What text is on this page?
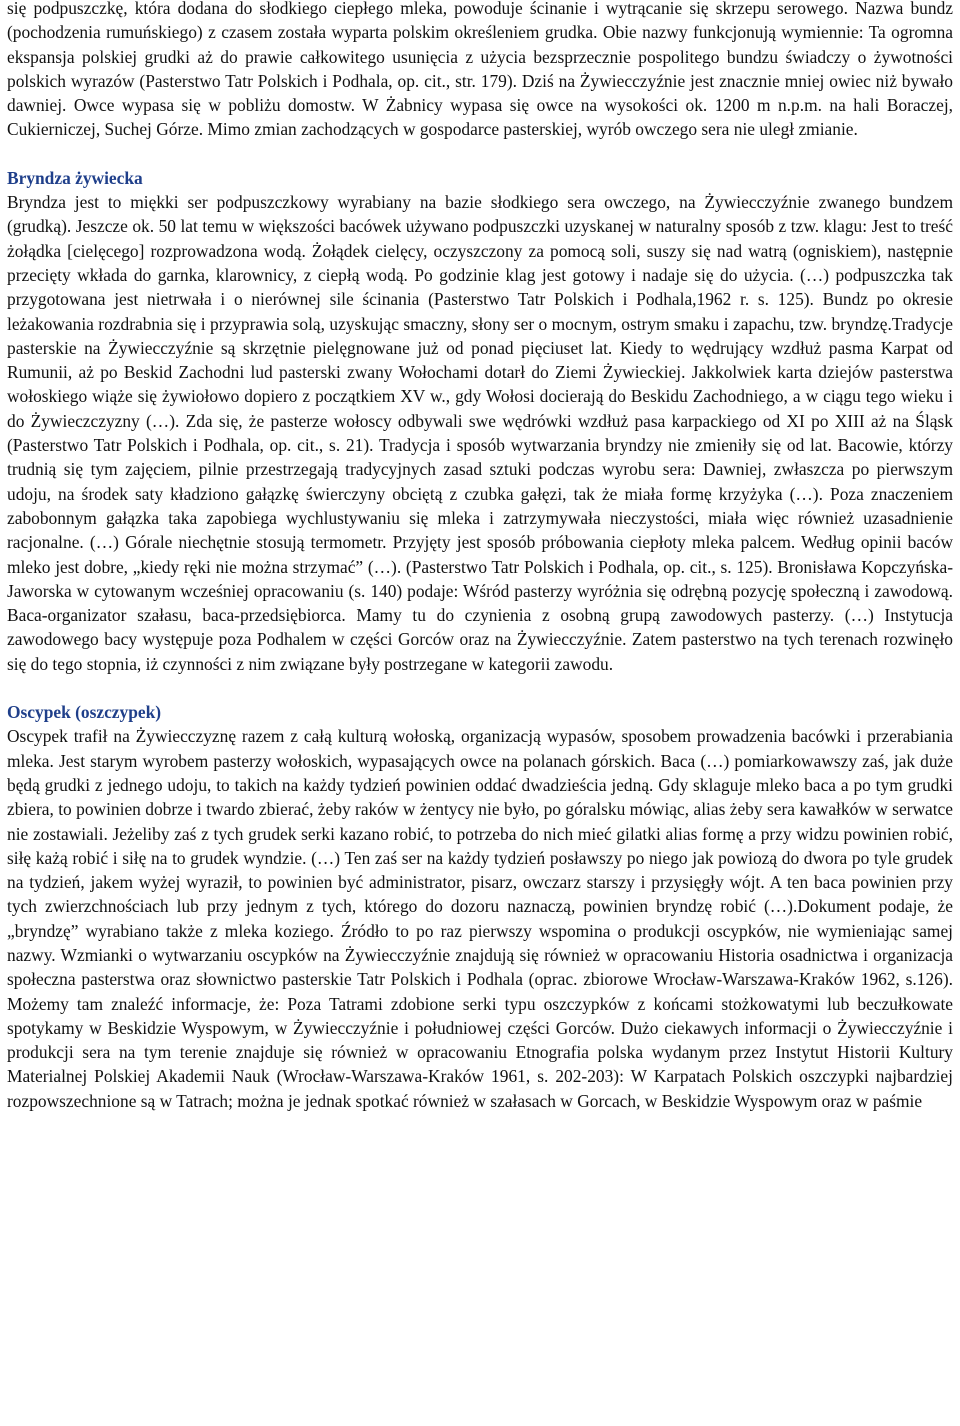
się podpuszczkę, która dodana do słodkiego ciepłego mleka, powoduje ścinanie i wytrącanie się skrzepu serowego. Nazwa bundz (pochodzenia rumuńskiego) z czasem została wyparta polskim określeniem grudka. Obie nazwy funkcjonują wymiennie: Ta ogromna ekspansja polskiej grudki aż do prawie całkowitego usunięcia z użycia bezsprzecznie pospolitego bundzu świadczy o żywotności polskich wyrazów (Pasterstwo Tatr Polskich i Podhala, op. cit., str. 179). Dziś na Żywiecczyźnie jest znacznie mniej owiec niż bywało dawniej. Owce wypasa się w pobliżu domostw. W Żabnicy wypasa się owce na wysokości ok. 1200 m n.p.m. na hali Boraczej, Cukierniczej, Suchej Górze. Mimo zmian zachodzących w gospodarce pasterskiej, wyrób owczego sera nie uległ zmianie.

Bryndza żywiecka

Bryndza jest to miękki ser podpuszczkowy wyrabiany na bazie słodkiego sera owczego, na Żywiecczyźnie zwanego bundzem (grudką). Jeszcze ok. 50 lat temu w większości bacówek używano podpuszczki uzyskanej w naturalny sposób z tzw. klagu: Jest to treść żołądka [cielęcego] rozprowadzona wodą. Żołądek cielęcy, oczyszczony za pomocą soli, suszy się nad watrą (ogniskiem), następnie przecięty wkłada do garnka, klarownicy, z ciepłą wodą. Po godzinie klag jest gotowy i nadaje się do użycia. (…) podpuszczka tak przygotowana jest nietrwała i o nierównej sile ścinania (Pasterstwo Tatr Polskich i Podhala,1962 r. s. 125). Bundz po okresie leżakowania rozdrabnia się i przyprawia solą, uzyskując smaczny, słony ser o mocnym, ostrym smaku i zapachu, tzw. bryndzę.Tradycje pasterskie na Żywiecczyźnie są skrzętnie pielęgnowane już od ponad pięciuset lat. Kiedy to wędrujący wzdłuż pasma Karpat od Rumunii, aż po Beskid Zachodni lud pasterski zwany Wołochami dotarł do Ziemi Żywieckiej. Jakkolwiek karta dziejów pasterstwa wołoskiego wiąże się żywiołowo dopiero z początkiem XV w., gdy Wołosi docierają do Beskidu Zachodniego, a w ciągu tego wieku i do Żywieczczyzny (…). Zda się, że pasterze wołoscy odbywali swe wędrówki wzdłuż pasa karpackiego od XI po XIII aż na Śląsk (Pasterstwo Tatr Polskich i Podhala, op. cit., s. 21). Tradycja i sposób wytwarzania bryndzy nie zmieniły się od lat. Bacowie, którzy trudnią się tym zajęciem, pilnie przestrzegają tradycyjnych zasad sztuki podczas wyrobu sera: Dawniej, zwłaszcza po pierwszym udoju, na środek saty kładziono gałązkę świerczyny obciętą z czubka gałęzi, tak że miała formę krzyżyka (…). Poza znaczeniem zabobonnym gałązka taka zapobiega wychlustywaniu się mleka i zatrzymywała nieczystości, miała więc również uzasadnienie racjonalne. (…) Górale niechętnie stosują termometr. Przyjęty jest sposób próbowania ciepłoty mleka palcem. Według opinii baców mleko jest dobre, „kiedy ręki nie można strzymać” (…). (Pasterstwo Tatr Polskich i Podhala, op. cit., s. 125). Bronisława Kopczyńska-Jaworska w cytowanym wcześniej opracowaniu (s. 140) podaje: Wśród pasterzy wyróżnia się odrębną pozycję społeczną i zawodową. Baca-organizator szałasu, baca-przedsiębiorca. Mamy tu do czynienia z osobną grupą zawodowych pasterzy. (…) Instytucja zawodowego bacy występuje poza Podhalem w części Gorców oraz na Żywiecczyźnie. Zatem pasterstwo na tych terenach rozwinęło się do tego stopnia, iż czynności z nim związane były postrzegane w kategorii zawodu.

Oscypek (oszczypek)

Oscypek trafił na Żywiecczyznę razem z całą kulturą wołoską, organizacją wypasów, sposobem prowadzenia bacówki i przerabiania mleka. Jest starym wyrobem pasterzy wołoskich, wypasających owce na polanach górskich. Baca (…) pomiarkowawszy zaś, jak duże będą grudki z jednego udoju, to takich na każdy tydzień powinien oddać dwadzieścia jedną. Gdy sklaguje mleko baca a po tym grudki zbiera, to powinien dobrze i twardo zbierać, żeby raków w żentycy nie było, po góralsku mówiąc, alias żeby sera kawałków w serwatce nie zostawiali. Jeżeliby zaś z tych grudek serki kazano robić, to potrzeba do nich mieć gilatki alias formę a przy widzu powinien robić, siłę każą robić i siłę na to grudek wyndzie. (…) Ten zaś ser na każdy tydzień posławszy po niego jak powiozą do dwora po tyle grudek na tydzień, jakem wyżej wyraził, to powinien być administrator, pisarz, owczarz starszy i przysięgły wójt. A ten baca powinien przy tych zwierzchnościach lub przy jednym z tych, którego do dozoru naznaczą, powinien bryndzę robić (…).Dokument podaje, że „bryndzę” wyrabiano także z mleka koziego. Źródło to po raz pierwszy wspomina o produkcji oscypków, nie wymieniając samej nazwy. Wzmianki o wytwarzaniu oscypków na Żywiecczyźnie znajdują się również w opracowaniu Historia osadnictwa i organizacja społeczna pasterstwa oraz słownictwo pasterskie Tatr Polskich i Podhala (oprac. zbiorowe Wrocław-Warszawa-Kraków 1962, s.126). Możemy tam znaleźć informacje, że: Poza Tatrami zdobione serki typu oszczypków z końcami stożkowatymi lub beczułkowate spotykamy w Beskidzie Wyspowym, w Żywiecczyźnie i południowej części Gorców. Dużo ciekawych informacji o Żywiecczyźnie i produkcji sera na tym terenie znajduje się również w opracowaniu Etnografia polska wydanym przez Instytut Historii Kultury Materialnej Polskiej Akademii Nauk (Wrocław-Warszawa-Kraków 1961, s. 202-203): W Karpatach Polskich oszczypki najbardziej rozpowszechnione są w Tatrach; można je jednak spotkać również w szałasach w Gorcach, w Beskidzie Wyspowym oraz w paśmie
